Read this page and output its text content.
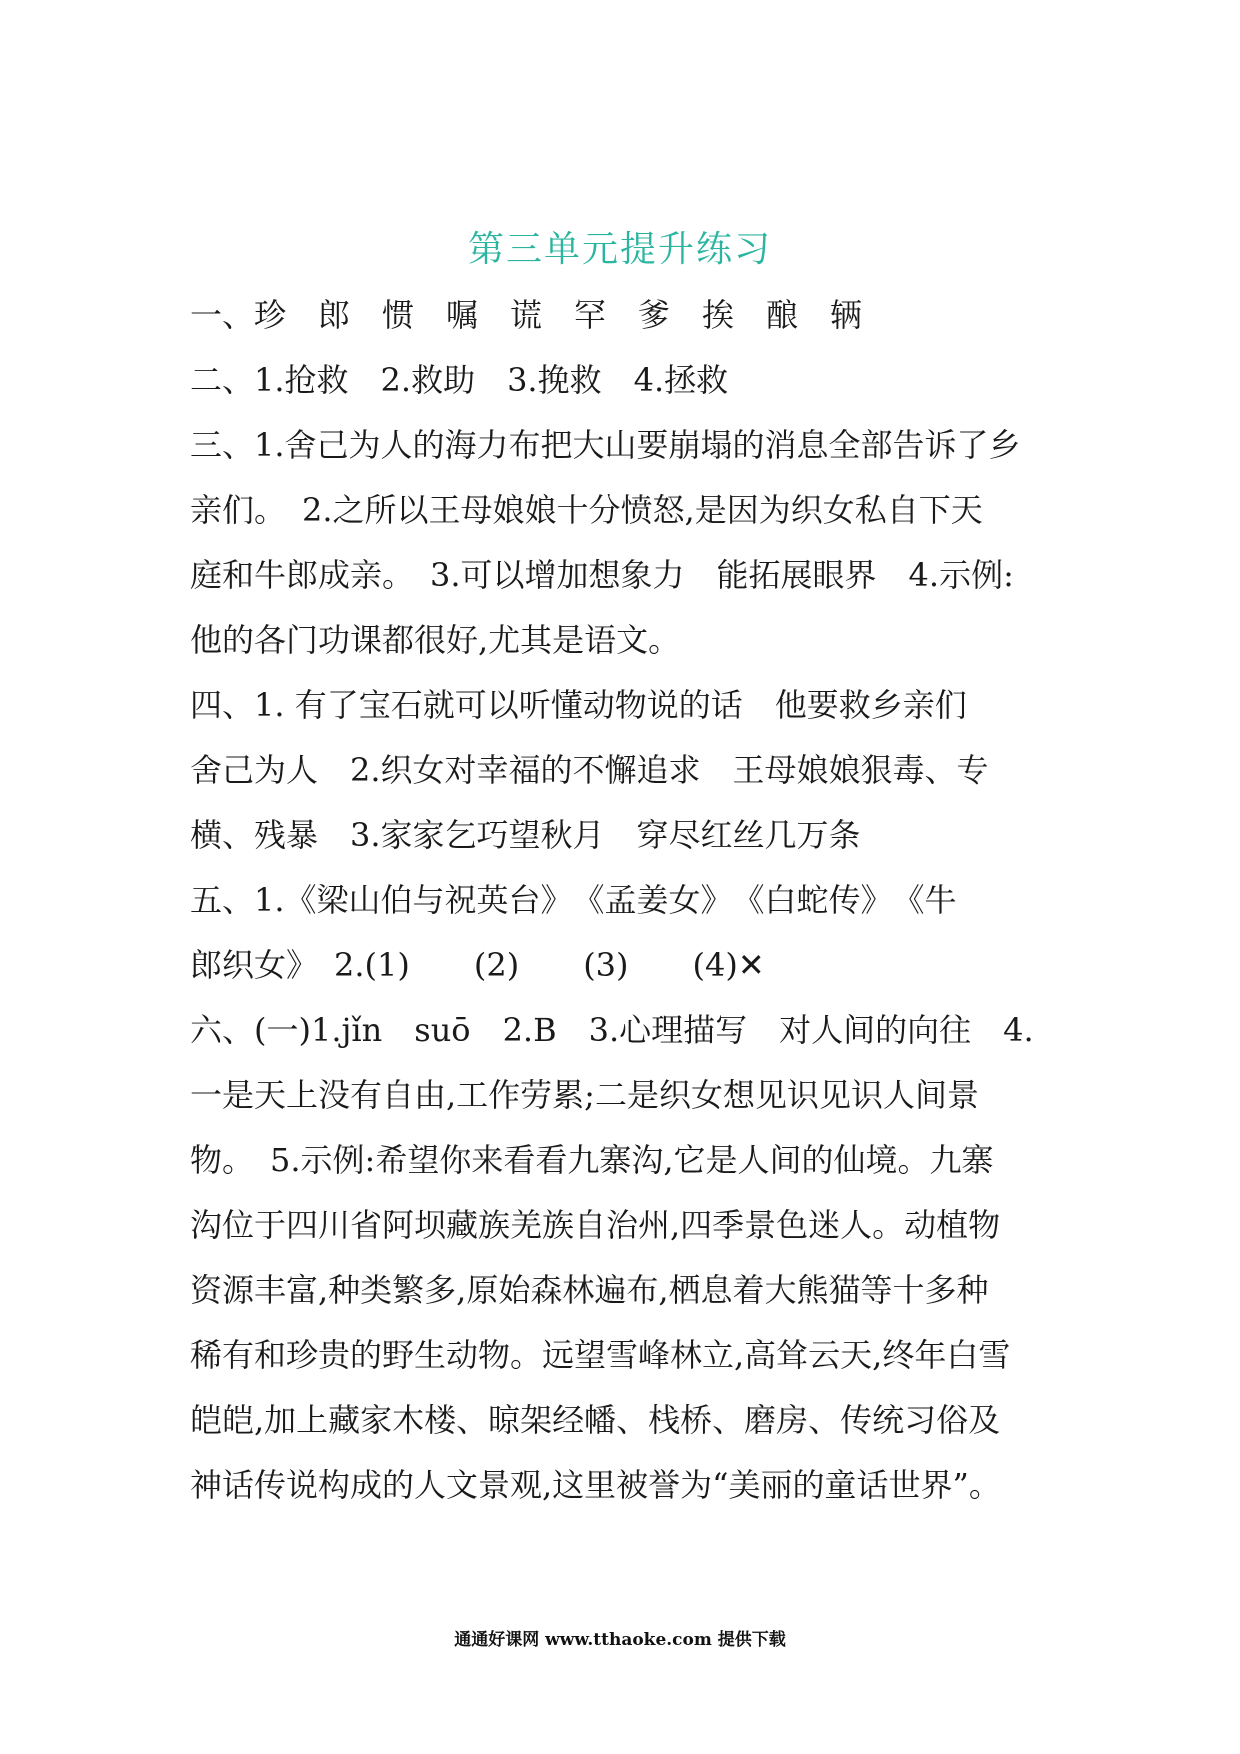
第三单元提升练习
一、珍　郎　惯　嘱　谎　罕　爹　挨　酿　辆
二、1.抢救　2.救助　3.挽救　4.拯救
三、1.舍己为人的海力布把大山要崩塌的消息全部告诉了乡
亲们。　2.之所以王母娘娘十分愤怒,是因为织女私自下天
庭和牛郎成亲。　3.可以增加想象力　能拓展眼界　4.示例:
他的各门功课都很好,尤其是语文。
四、1. 有了宝石就可以听懂动物说的话　他要救乡亲们
舍己为人　2.织女对幸福的不懈追求　王母娘娘狠毒、专
横、残暴　3.家家乞巧望秋月　穿尽红丝几万条
五、1.《梁山伯与祝英台》　《孟姜女》　《白蛇传》　《牛
郎织女》　2.(1)　　(2)　　(3)　　(4)✕
六、(一)1.jǐn　suō　2.B　3.心理描写　对人间的向往　4.
一是天上没有自由,工作劳累;二是织女想见识见识人间景
物。　5.示例:希望你来看看九寨沟,它是人间的仙境。九寨
沟位于四川省阿坝藏族羌族自治州,四季景色迷人。动植物
资源丰富,种类繁多,原始森林遍布,栖息着大熊猫等十多种
稀有和珍贵的野生动物。远望雪峰林立,高耸云天,终年白雪
皑皑,加上藏家木楼、晾架经幡、栈桥、磨房、传统习俗及
神话传说构成的人文景观,这里被誉为“美丽的童话世界”。
通通好课网 www.tthaoke.com 提供下载
